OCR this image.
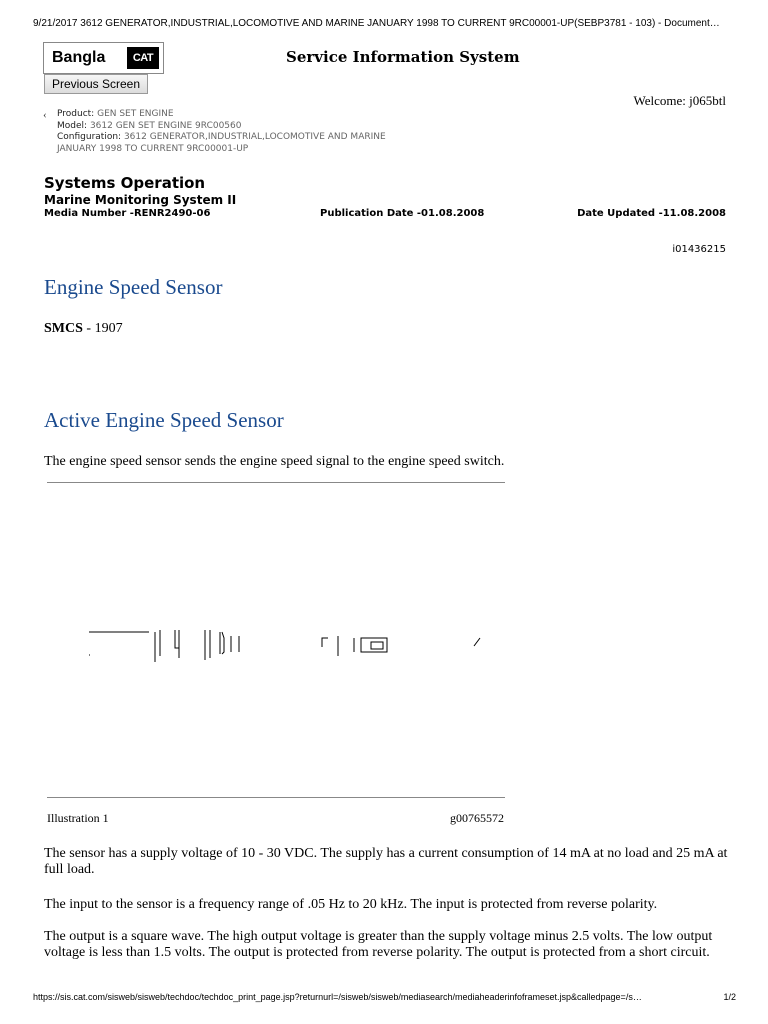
9/21/2017 3612 GENERATOR,INDUSTRIAL,LOCOMOTIVE AND MARINE JANUARY 1998 TO CURRENT 9RC00001-UP(SEBP3781 - 103) - Document…
Bangla	CAT
Previous Screen
Service Information System
Welcome: j065btl
‹	Product: GEN SET ENGINE
Model: 3612 GEN SET ENGINE 9RC00560
Configuration: 3612 GENERATOR,INDUSTRIAL,LOCOMOTIVE AND MARINE
JANUARY 1998 TO CURRENT 9RC00001-UP
Systems Operation
Marine Monitoring System II
Media Number -RENR2490-06	Publication Date -01.08.2008	Date Updated -11.08.2008
i01436215
Engine Speed Sensor
SMCS - 1907
Active Engine Speed Sensor
The engine speed sensor sends the engine speed signal to the engine speed switch.
Illustration 1	g00765572
The sensor has a supply voltage of 10 - 30 VDC. The supply has a current consumption of 14 mA at no load and 25 mA at full load.
The input to the sensor is a frequency range of .05 Hz to 20 kHz. The input is protected from reverse polarity.
The output is a square wave. The high output voltage is greater than the supply voltage minus 2.5 volts. The low output voltage is less than 1.5 volts. The output is protected from reverse polarity. The output is protected from a short circuit.
https://sis.cat.com/sisweb/sisweb/techdoc/techdoc_print_page.jsp?returnurl=/sisweb/sisweb/mediasearch/mediaheaderinfoframeset.jsp&calledpage=/s…	1/2
